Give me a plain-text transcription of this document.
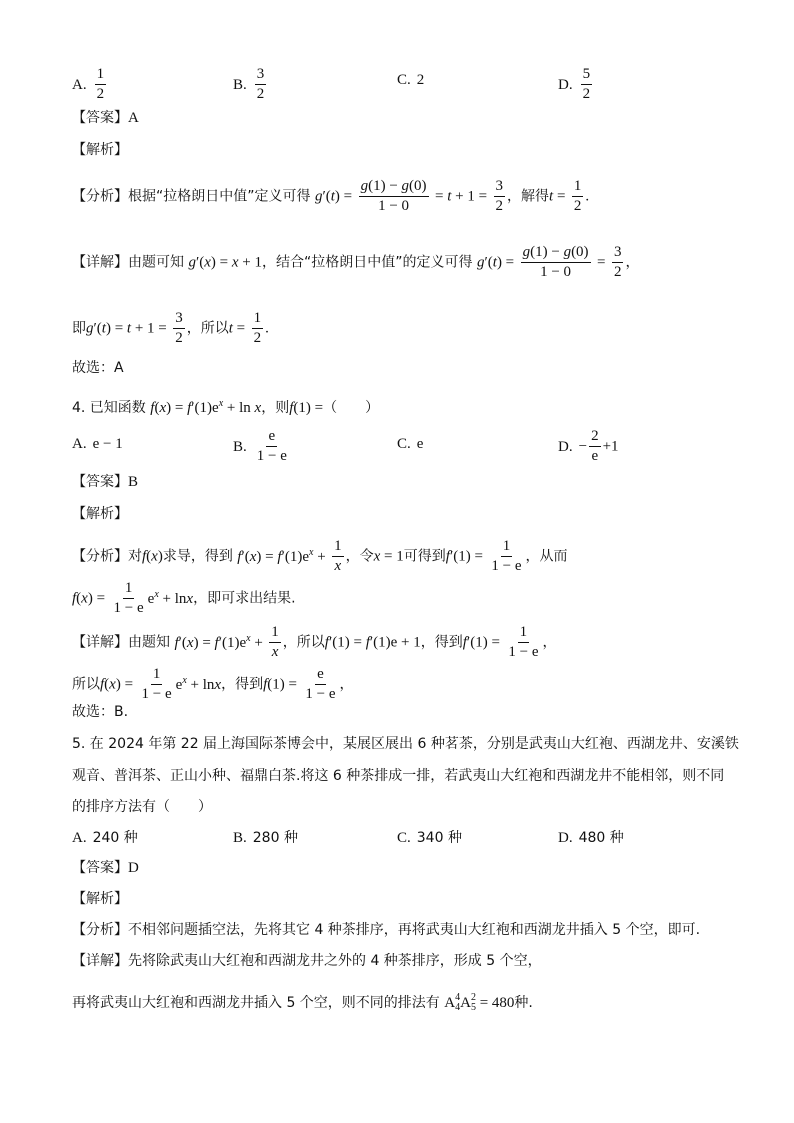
A. $\frac{1}{2}$	B. $\frac{3}{2}$	C. 2	D. $\frac{5}{2}$
【答案】A
【解析】
【分析】根据“拉格朗日中值”定义可得 $g'(t) = \frac{g(1) - g(0)}{1 - 0} = t + 1 = \frac{3}{2}$ ，解得$t = \frac{1}{2}$ .
【详解】由题可知 g′(x) = x + 1，结合“拉格朗日中值”的定义可得 $g'(t) = \frac{g(1) - g(0)}{1 - 0} = \frac{3}{2}$ ，
即$g'(t) = t + 1 = \frac{3}{2}$ ，所以$t = \frac{1}{2}$ .
故选：A
4. 已知函数 $f(x) = f'(1)e^x + \ln x$，则f(1) =（　　）
A. e − 1	B. $\frac{e}{1 - e}$	C. e	D. − $\frac{2}{e} +1$
【答案】B
【解析】
【分析】对f(x)求导，得到 $f'(x) = f'(1)e^x + \frac{1}{x}$ ，令x = 1可得到$f'(1) = \frac{1}{1 - e}$ ，从而
$f(x) = \frac{1}{1 - e} e^x + \ln x$，即可求出结果.
【详解】由题知 $f'(x) = f'(1)e^x + \frac{1}{x}$ ，所以f′(1) = f′(1)e + 1，得到$f'(1) = \frac{1}{1 - e}$ ，
所以$f(x) = \frac{1}{1 - e} e^x + \ln x$，得到$f(1) = \frac{e}{1 - e}$ ，
故选：B.
5. 在 2024 年第 22 届上海国际茶博会中，某展区展出 6 种茗茶，分别是武夷山大红袍、西湖龙井、安溪铁
观音、普洱茶、正山小种、福鼎白茶.将这 6 种茶排成一排，若武夷山大红袍和西湖龙井不能相邻，则不同
的排序方法有（　　）
A. 240 种	B. 280 种	C. 340 种	D. 480 种
【答案】D
【解析】
【分析】不相邻问题插空法，先将其它 4 种茶排序，再将武夷山大红袍和西湖龙井插入 5 个空，即可.
【详解】先将除武夷山大红袍和西湖龙井之外的 4 种茶排序，形成 5 个空，
再将武夷山大红袍和西湖龙井插入 5 个空，则不同的排法有 $A^4_4A^2_5 = 480$种.
